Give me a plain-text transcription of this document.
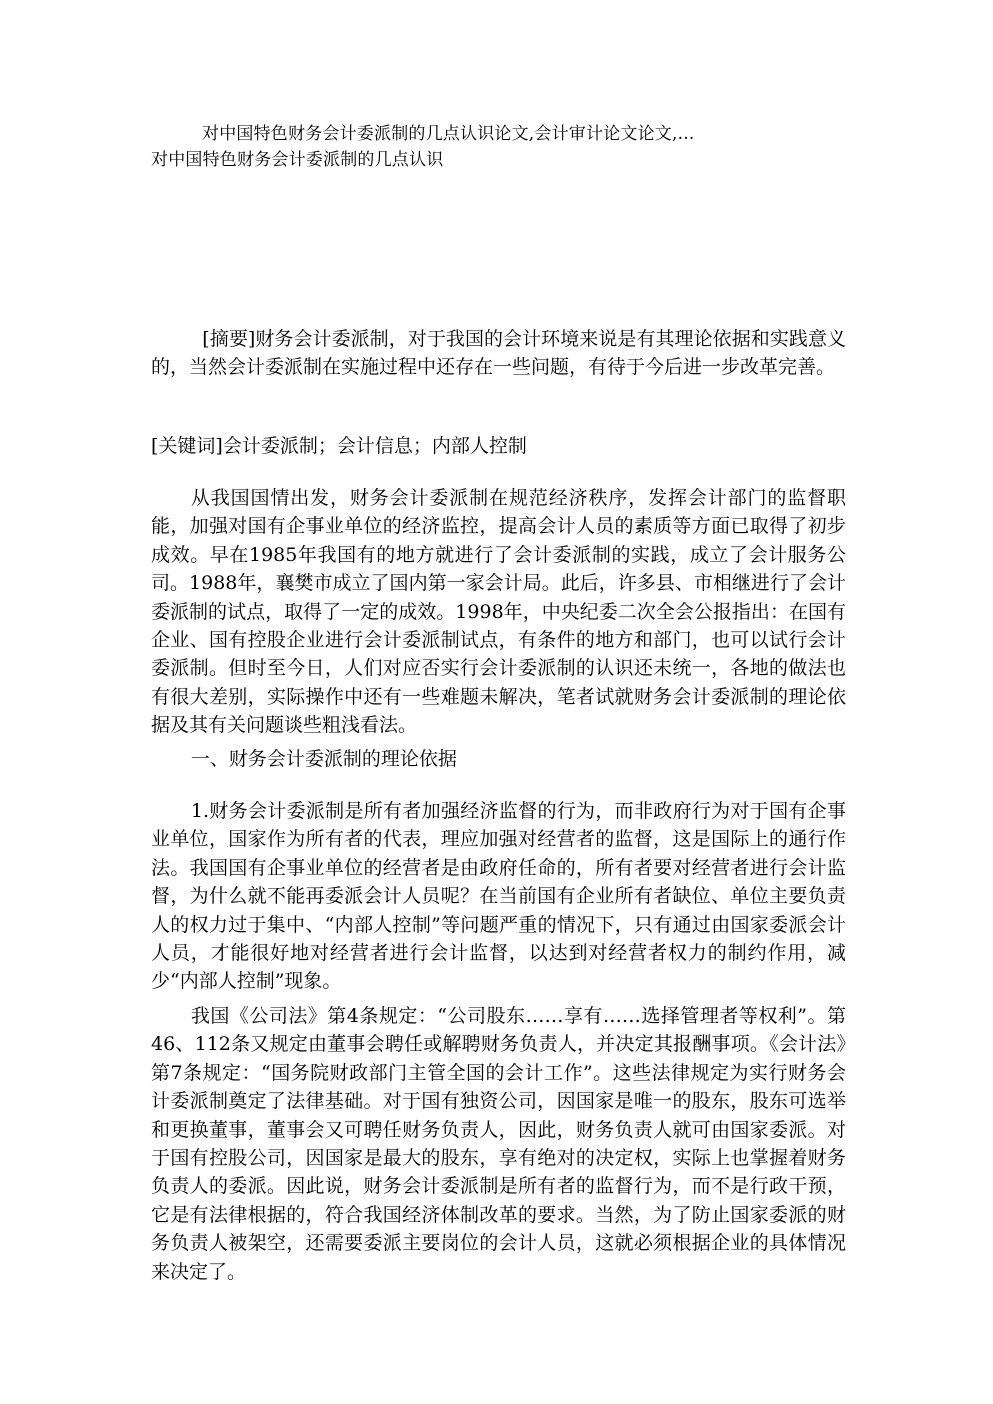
对中国特色财务会计委派制的几点认识论文,会计审计论文论文,...
对中国特色财务会计委派制的几点认识

[摘要]财务会计委派制，对于我国的会计环境来说是有其理论依据和实践意义的，当然会计委派制在实施过程中还存在一些问题，有待于今后进一步改革完善。

[关键词]会计委派制；会计信息；内部人控制

从我国国情出发，财务会计委派制在规范经济秩序，发挥会计部门的监督职能，加强对国有企事业单位的经济监控，提高会计人员的素质等方面已取得了初步成效。早在1985年我国有的地方就进行了会计委派制的实践，成立了会计服务公司。1988年，襄樊市成立了国内第一家会计局。此后，许多县、市相继进行了会计委派制的试点，取得了一定的成效。1998年，中央纪委二次全会公报指出：在国有企业、国有控股企业进行会计委派制试点，有条件的地方和部门，也可以试行会计委派制。但时至今日，人们对应否实行会计委派制的认识还未统一，各地的做法也有很大差别，实际操作中还有一些难题未解决，笔者试就财务会计委派制的理论依据及其有关问题谈些粗浅看法。

一、财务会计委派制的理论依据

1.财务会计委派制是所有者加强经济监督的行为，而非政府行为对于国有企事业单位，国家作为所有者的代表，理应加强对经营者的监督，这是国际上的通行作法。我国国有企事业单位的经营者是由政府任命的，所有者要对经营者进行会计监督，为什么就不能再委派会计人员呢？在当前国有企业所有者缺位、单位主要负责人的权力过于集中、“内部人控制”等问题严重的情况下，只有通过由国家委派会计人员，才能很好地对经营者进行会计监督，以达到对经营者权力的制约作用，减少“内部人控制”现象。

我国《公司法》第4条规定：“公司股东……享有……选择管理者等权利”。第46、112条又规定由董事会聘任或解聘财务负责人，并决定其报酬事项。《会计法》第7条规定：“国务院财政部门主管全国的会计工作”。这些法律规定为实行财务会计委派制奠定了法律基础。对于国有独资公司，因国家是唯一的股东，股东可选举和更换董事，董事会又可聘任财务负责人，因此，财务负责人就可由国家委派。对于国有控股公司，因国家是最大的股东，享有绝对的决定权，实际上也掌握着财务负责人的委派。因此说，财务会计委派制是所有者的监督行为，而不是行政干预，它是有法律根据的，符合我国经济体制改革的要求。当然，为了防止国家委派的财务负责人被架空，还需要委派主要岗位的会计人员，这就必须根据企业的具体情况来决定了。
